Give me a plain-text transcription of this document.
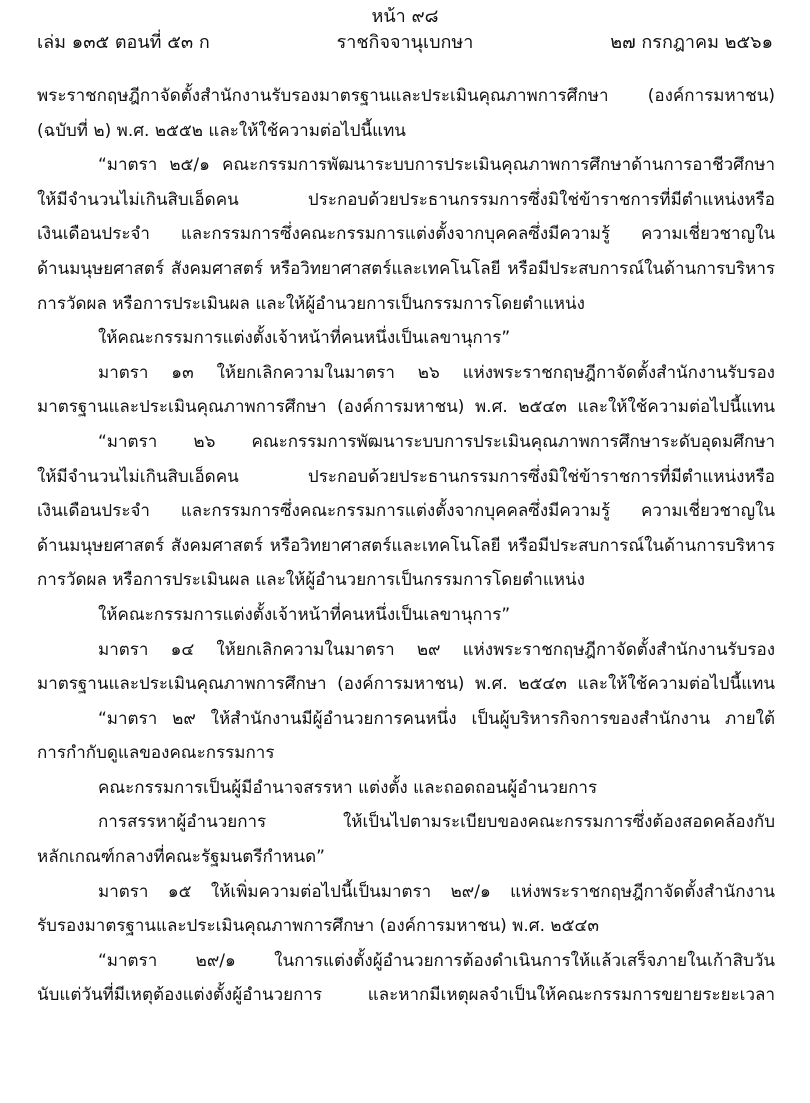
หน้า ๙๘
เล่ม ๑๓๕ ตอนที่ ๕๓ ก	ราชกิจจานุเบกษา	๒๗ กรกฎาคม ๒๕๖๑
พระราชกฤษฎีกาจัดตั้งสำนักงานรับรองมาตรฐานและประเมินคุณภาพการศึกษา (องค์การมหาชน)
(ฉบับที่ ๒) พ.ศ. ๒๕๕๒ และให้ใช้ความต่อไปนี้แทน
“มาตรา ๒๕/๑ คณะกรรมการพัฒนาระบบการประเมินคุณภาพการศึกษาด้านการอาชีวศึกษา
ให้มีจำนวนไม่เกินสิบเอ็ดคน ประกอบด้วยประธานกรรมการซึ่งมิใช่ข้าราชการที่มีตำแหน่งหรือ
เงินเดือนประจำ และกรรมการซึ่งคณะกรรมการแต่งตั้งจากบุคคลซึ่งมีความรู้ ความเชี่ยวชาญใน
ด้านมนุษยศาสตร์ สังคมศาสตร์ หรือวิทยาศาสตร์และเทคโนโลยี หรือมีประสบการณ์ในด้านการบริหาร
การวัดผล หรือการประเมินผล และให้ผู้อำนวยการเป็นกรรมการโดยตำแหน่ง
ให้คณะกรรมการแต่งตั้งเจ้าหน้าที่คนหนึ่งเป็นเลขานุการ”
มาตรา ๑๓ ให้ยกเลิกความในมาตรา ๒๖ แห่งพระราชกฤษฎีกาจัดตั้งสำนักงานรับรอง
มาตรฐานและประเมินคุณภาพการศึกษา (องค์การมหาชน) พ.ศ. ๒๕๔๓ และให้ใช้ความต่อไปนี้แทน
“มาตรา ๒๖ คณะกรรมการพัฒนาระบบการประเมินคุณภาพการศึกษาระดับอุดมศึกษา
ให้มีจำนวนไม่เกินสิบเอ็ดคน ประกอบด้วยประธานกรรมการซึ่งมิใช่ข้าราชการที่มีตำแหน่งหรือ
เงินเดือนประจำ และกรรมการซึ่งคณะกรรมการแต่งตั้งจากบุคคลซึ่งมีความรู้ ความเชี่ยวชาญใน
ด้านมนุษยศาสตร์ สังคมศาสตร์ หรือวิทยาศาสตร์และเทคโนโลยี หรือมีประสบการณ์ในด้านการบริหาร
การวัดผล หรือการประเมินผล และให้ผู้อำนวยการเป็นกรรมการโดยตำแหน่ง
ให้คณะกรรมการแต่งตั้งเจ้าหน้าที่คนหนึ่งเป็นเลขานุการ”
มาตรา ๑๔ ให้ยกเลิกความในมาตรา ๒๙ แห่งพระราชกฤษฎีกาจัดตั้งสำนักงานรับรอง
มาตรฐานและประเมินคุณภาพการศึกษา (องค์การมหาชน) พ.ศ. ๒๕๔๓ และให้ใช้ความต่อไปนี้แทน
“มาตรา ๒๙ ให้สำนักงานมีผู้อำนวยการคนหนึ่ง เป็นผู้บริหารกิจการของสำนักงาน ภายใต้
การกำกับดูแลของคณะกรรมการ
คณะกรรมการเป็นผู้มีอำนาจสรรหา แต่งตั้ง และถอดถอนผู้อำนวยการ
การสรรหาผู้อำนวยการ ให้เป็นไปตามระเบียบของคณะกรรมการซึ่งต้องสอดคล้องกับ
หลักเกณฑ์กลางที่คณะรัฐมนตรีกำหนด”
มาตรา ๑๕ ให้เพิ่มความต่อไปนี้เป็นมาตรา ๒๙/๑ แห่งพระราชกฤษฎีกาจัดตั้งสำนักงาน
รับรองมาตรฐานและประเมินคุณภาพการศึกษา (องค์การมหาชน) พ.ศ. ๒๕๔๓
“มาตรา ๒๙/๑ ในการแต่งตั้งผู้อำนวยการต้องดำเนินการให้แล้วเสร็จภายในเก้าสิบวัน
นับแต่วันที่มีเหตุต้องแต่งตั้งผู้อำนวยการ และหากมีเหตุผลจำเป็นให้คณะกรรมการขยายระยะเวลา
